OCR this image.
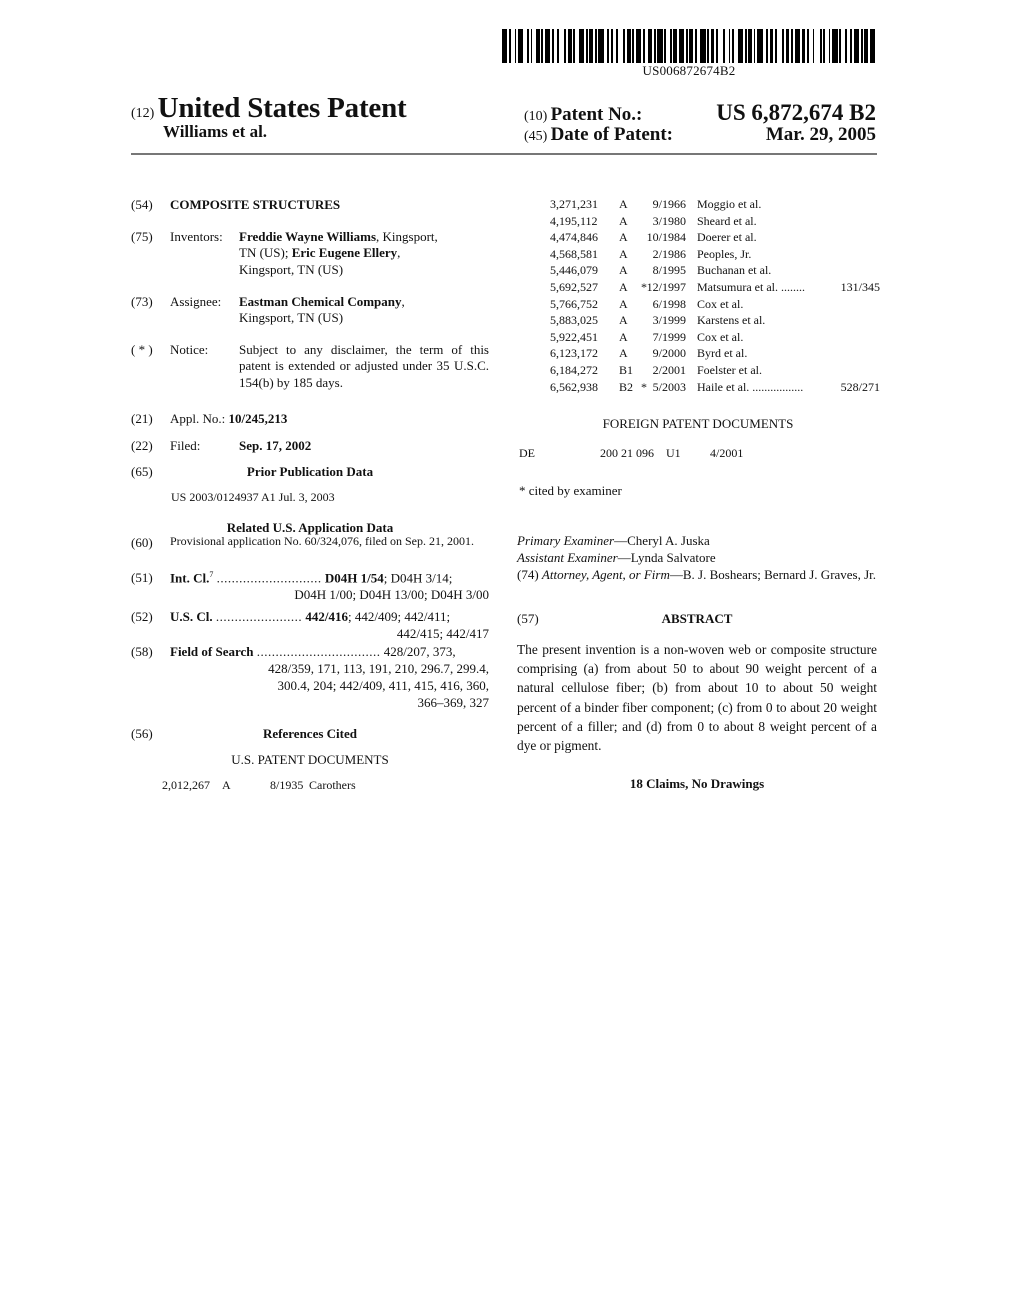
US006872674B2
(12) United States Patent
Williams et al.
(10) Patent No.:	US 6,872,674 B2
(45) Date of Patent:	Mar. 29, 2005
(54)	COMPOSITE STRUCTURES
(75)	Inventors: Freddie Wayne Williams, Kingsport,
TN (US); Eric Eugene Ellery,
Kingsport, TN (US)
(73)	Assignee: Eastman Chemical Company,
Kingsport, TN (US)
( * )	Notice: Subject to any disclaimer, the term of this patent is extended or adjusted under 35 U.S.C. 154(b) by 185 days.
(21)	Appl. No.: 10/245,213
(22)	Filed:	Sep. 17, 2002
(65)	Prior Publication Data
US 2003/0124937 A1 Jul. 3, 2003
Related U.S. Application Data
(60)	Provisional application No. 60/324,076, filed on Sep. 21, 2001.
(51)	Int. Cl.$^7$ ............................ D04H 1/54; D04H 3/14;
D04H 1/00; D04H 13/00; D04H 3/00
(52)	U.S. Cl. ....................... 442/416; 442/409; 442/411;
442/415; 442/417
(58)	Field of Search ................................. 428/207, 373,
428/359, 171, 113, 191, 210, 296.7, 299.4,
300.4, 204; 442/409, 411, 415, 416, 360,
366–369, 327
(56)	References Cited
U.S. PATENT DOCUMENTS
2,012,267 A	8/1935 Carothers
3,271,231 A	9/1966 Moggio et al.
4,195,112 A	3/1980 Sheard et al.
4,474,846 A 10/1984 Doerer et al.
4,568,581 A	2/1986 Peoples, Jr.
5,446,079 A	8/1995 Buchanan et al.
5,692,527 A * 12/1997 Matsumura et al. ........	131/345
5,766,752 A	6/1998 Cox et al.
5,883,025 A	3/1999 Karstens et al.
5,922,451 A	7/1999 Cox et al.
6,123,172 A	9/2000 Byrd et al.
6,184,272 B1	2/2001 Foelster et al.
6,562,938 B2 * 5/2003 Haile et al. .................	528/271
FOREIGN PATENT DOCUMENTS
DE	200 21 096 U1 4/2001
* cited by examiner
Primary Examiner—Cheryl A. Juska
Assistant Examiner—Lynda Salvatore
(74) Attorney, Agent, or Firm—B. J. Boshears; Bernard J. Graves, Jr.
(57)	ABSTRACT
The present invention is a non-woven web or composite structure comprising (a) from about 50 to about 90 weight percent of a natural cellulose fiber; (b) from about 10 to about 50 weight percent of a binder fiber component; (c) from 0 to about 20 weight percent of a filler; and (d) from 0 to about 8 weight percent of a dye or pigment.
18 Claims, No Drawings
